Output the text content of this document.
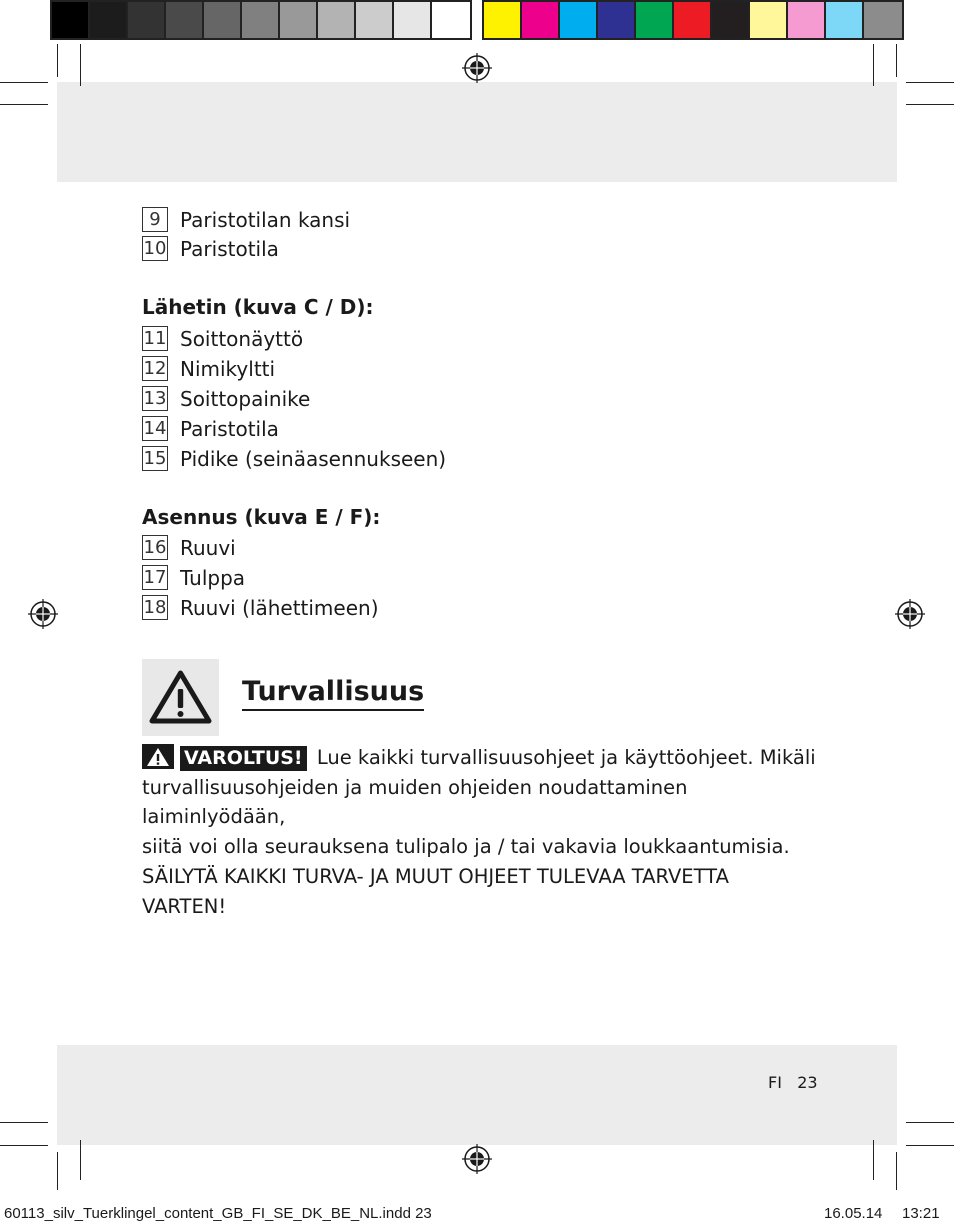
9 Paristotilan kansi
10 Paristotila
Lähetin (kuva C / D):
11 Soittonäyttö
12 Nimikyltti
13 Soittopainike
14 Paristotila
15 Pidike (seinäasennukseen)
Asennus (kuva E / F):
16 Ruuvi
17 Tulppa
18 Ruuvi (lähettimeen)
Turvallisuus
VAROLTUS! Lue kaikki turvallisuusohjeet ja käyttöohjeet. Mikäli
turvallisuusohjeiden ja muiden ohjeiden noudattaminen laiminlyödään,
siitä voi olla seurauksena tulipalo ja / tai vakavia loukkaantumisia.
SÄILYTÄ KAIKKI TURVA- JA MUUT OHJEET TULEVAA TARVETTA
VARTEN!
FI 23
60113_silv_Tuerklingel_content_GB_FI_SE_DK_BE_NL.indd 23	16.05.14 13:21
